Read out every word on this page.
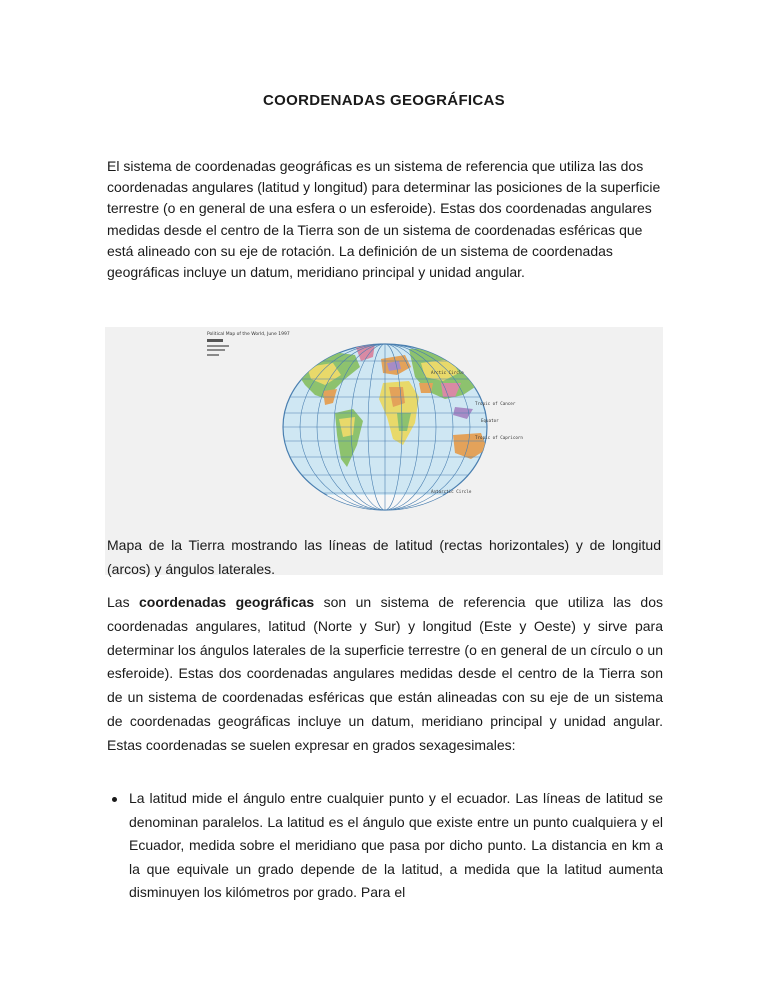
COORDENADAS GEOGRÁFICAS

El sistema de coordenadas geográficas es un sistema de referencia que utiliza las dos coordenadas angulares (latitud y longitud) para determinar las posiciones de la superficie terrestre (o en general de una esfera o un esferoide). Estas dos coordenadas angulares medidas desde el centro de la Tierra son de un sistema de coordenadas esféricas que está alineado con su eje de rotación. La definición de un sistema de coordenadas geográficas incluye un datum, meridiano principal y unidad angular.

Political Map of the World, June 1997
Arctic Circle
Tropic of Cancer
Equator
Tropic of Capricorn
Antarctic Circle

Mapa de la Tierra mostrando las líneas de latitud (rectas horizontales) y de longitud (arcos) y ángulos laterales.

Las coordenadas geográficas son un sistema de referencia que utiliza las dos coordenadas angulares, latitud (Norte y Sur) y longitud (Este y Oeste) y sirve para determinar los ángulos laterales de la superficie terrestre (o en general de un círculo o un esferoide). Estas dos coordenadas angulares medidas desde el centro de la Tierra son de un sistema de coordenadas esféricas que están alineadas con su eje de un sistema de coordenadas geográficas incluye un datum, meridiano principal y unidad angular. Estas coordenadas se suelen expresar en grados sexagesimales:

La latitud mide el ángulo entre cualquier punto y el ecuador. Las líneas de latitud se denominan paralelos. La latitud es el ángulo que existe entre un punto cualquiera y el Ecuador, medida sobre el meridiano que pasa por dicho punto. La distancia en km a la que equivale un grado depende de la latitud, a medida que la latitud aumenta disminuyen los kilómetros por grado. Para el
